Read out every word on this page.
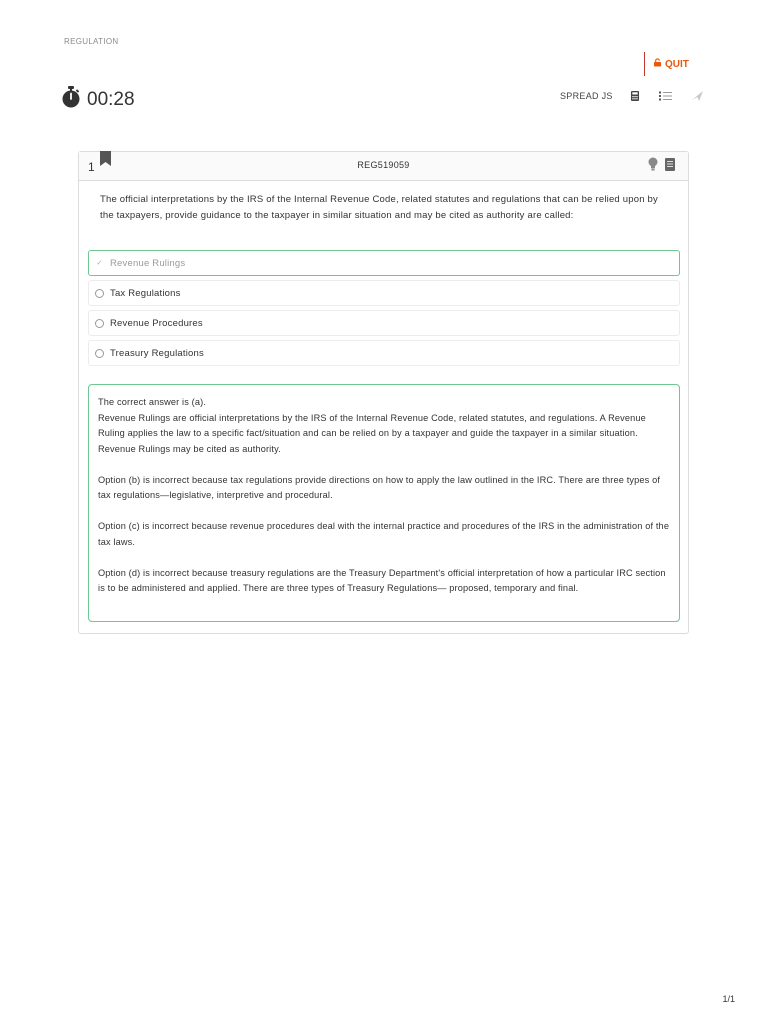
REGULATION
QUIT
00:28	SPREAD JS
1	REG519059
The official interpretations by the IRS of the Internal Revenue Code, related statutes and regulations that can be relied upon by the taxpayers, provide guidance to the taxpayer in similar situation and may be cited as authority are called:
✓ Revenue Rulings
Tax Regulations
Revenue Procedures
Treasury Regulations

The correct answer is (a).
Revenue Rulings are official interpretations by the IRS of the Internal Revenue Code, related statutes, and regulations. A Revenue Ruling applies the law to a specific fact/situation and can be relied on by a taxpayer and guide the taxpayer in a similar situation. Revenue Rulings may be cited as authority.

Option (b) is incorrect because tax regulations provide directions on how to apply the law outlined in the IRC. There are three types of tax regulations—legislative, interpretive and procedural.

Option (c) is incorrect because revenue procedures deal with the internal practice and procedures of the IRS in the administration of the tax laws.

Option (d) is incorrect because treasury regulations are the Treasury Department's official interpretation of how a particular IRC section is to be administered and applied. There are three types of Treasury Regulations— proposed, temporary and final.

1/1
